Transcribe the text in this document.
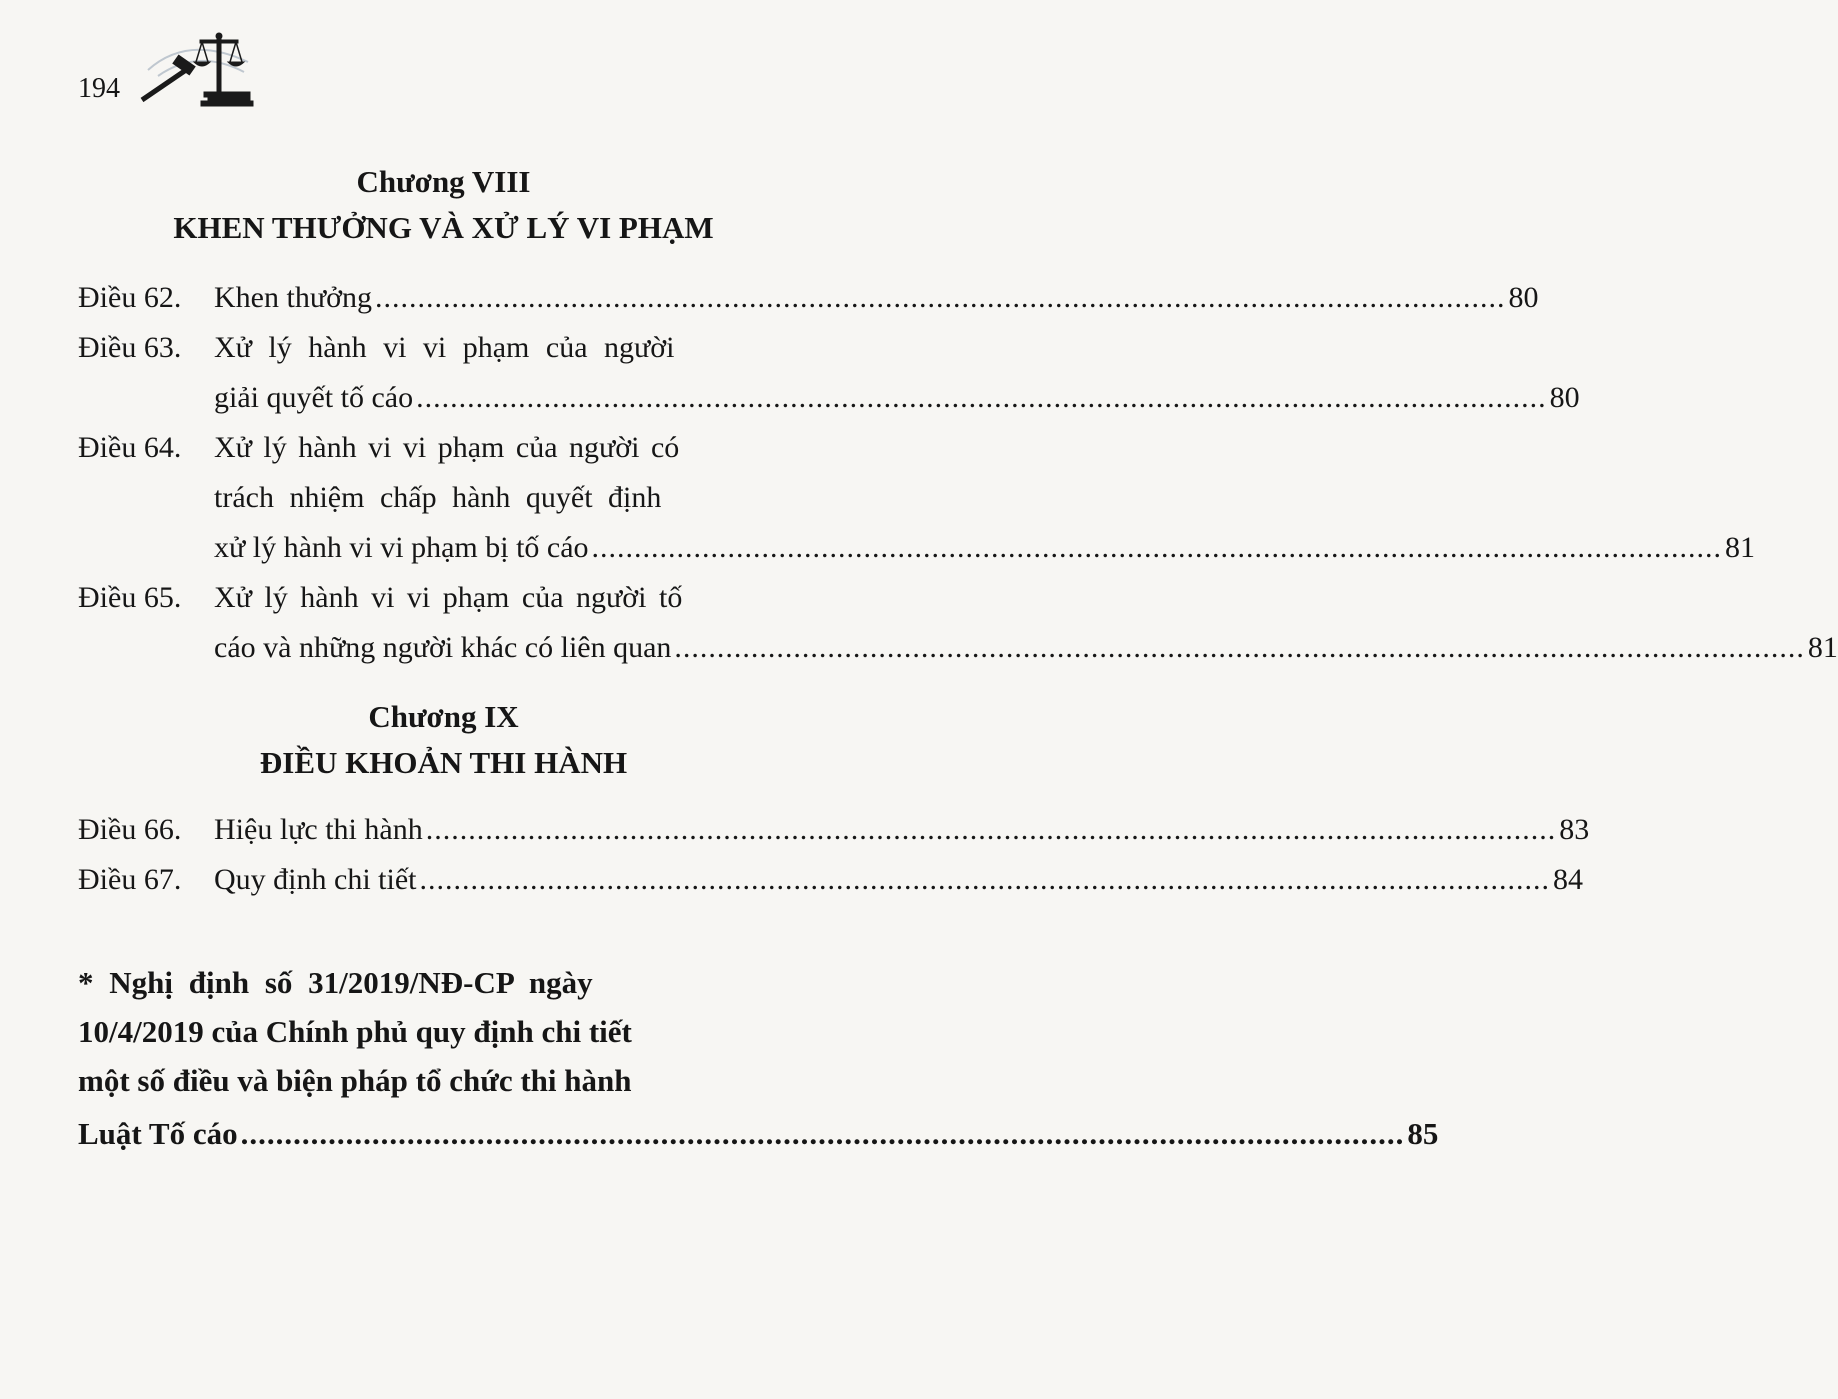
194
Chương VIII
KHEN THƯỞNG VÀ XỬ LÝ VI PHẠM
Điều 62. Khen thưởng ..................................................................................................................................... 80
Điều 63. Xử lý hành vi vi phạm của người
giải quyết tố cáo ..................................................................................................................................... 80
Điều 64. Xử lý hành vi vi phạm của người có
trách nhiệm chấp hành quyết định
xử lý hành vi vi phạm bị tố cáo ..................................................................................................................................... 81
Điều 65. Xử lý hành vi vi phạm của người tố
cáo và những người khác có liên quan ..................................................................................................................................... 81
Chương IX
ĐIỀU KHOẢN THI HÀNH
Điều 66. Hiệu lực thi hành ..................................................................................................................................... 83
Điều 67. Quy định chi tiết ..................................................................................................................................... 84
* Nghị định số 31/2019/NĐ-CP ngày
10/4/2019 của Chính phủ quy định chi tiết
một số điều và biện pháp tổ chức thi hành
Luật Tố cáo ..................................................................................................................................... 85
